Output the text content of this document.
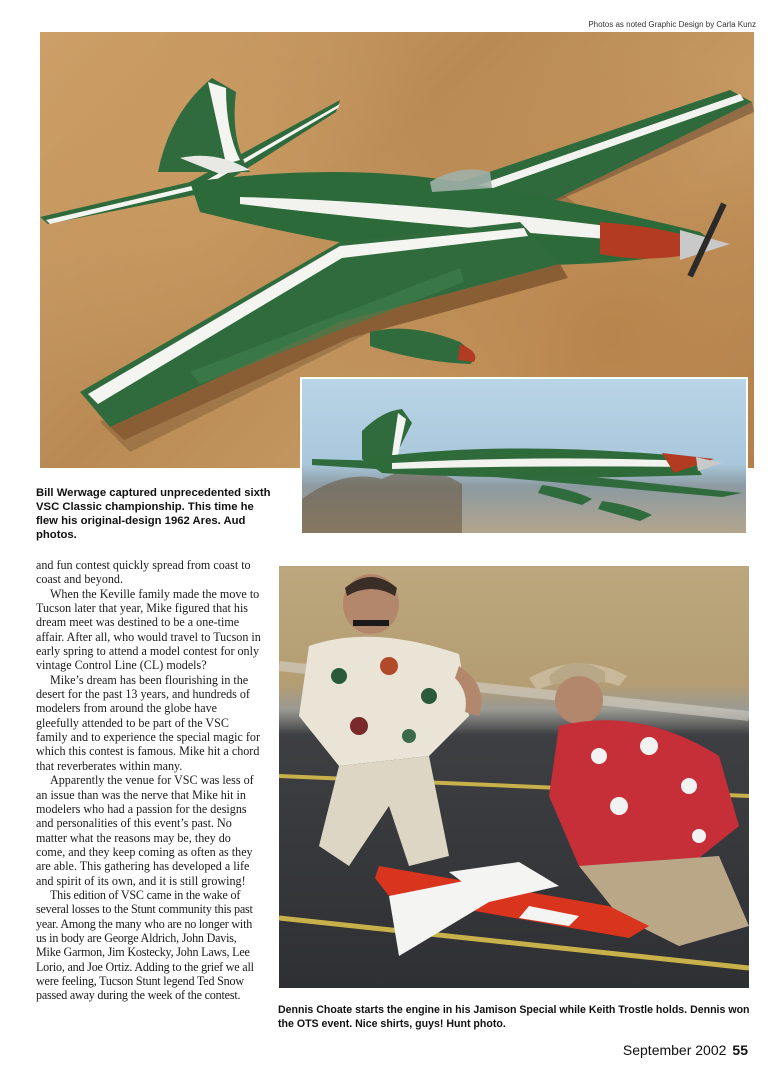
Photos as noted Graphic Design by Carla Kunz
Bill Werwage captured unprecedented sixth VSC Classic championship. This time he flew his original-design 1962 Ares. Aud photos.

and fun contest quickly spread from coast to coast and beyond.

When the Keville family made the move to Tucson later that year, Mike figured that his dream meet was destined to be a one-time affair. After all, who would travel to Tucson in early spring to attend a model contest for only vintage Control Line (CL) models?

Mike’s dream has been flourishing in the desert for the past 13 years, and hundreds of modelers from around the globe have gleefully attended to be part of the VSC family and to experience the special magic for which this contest is famous. Mike hit a chord that reverberates within many.

Apparently the venue for VSC was less of an issue than was the nerve that Mike hit in modelers who had a passion for the designs and personalities of this event’s past. No matter what the reasons may be, they do come, and they keep coming as often as they are able. This gathering has developed a life and spirit of its own, and it is still growing!

This edition of VSC came in the wake of several losses to the Stunt community this past year. Among the many who are no longer with us in body are George Aldrich, John Davis, Mike Garmon, Jim Kostecky, John Laws, Lee Lorio, and Joe Ortiz. Adding to the grief we all were feeling, Tucson Stunt legend Ted Snow passed away during the week of the contest.

Dennis Choate starts the engine in his Jamison Special while Keith Trostle holds. Dennis won the OTS event. Nice shirts, guys! Hunt photo.
September 2002 55
